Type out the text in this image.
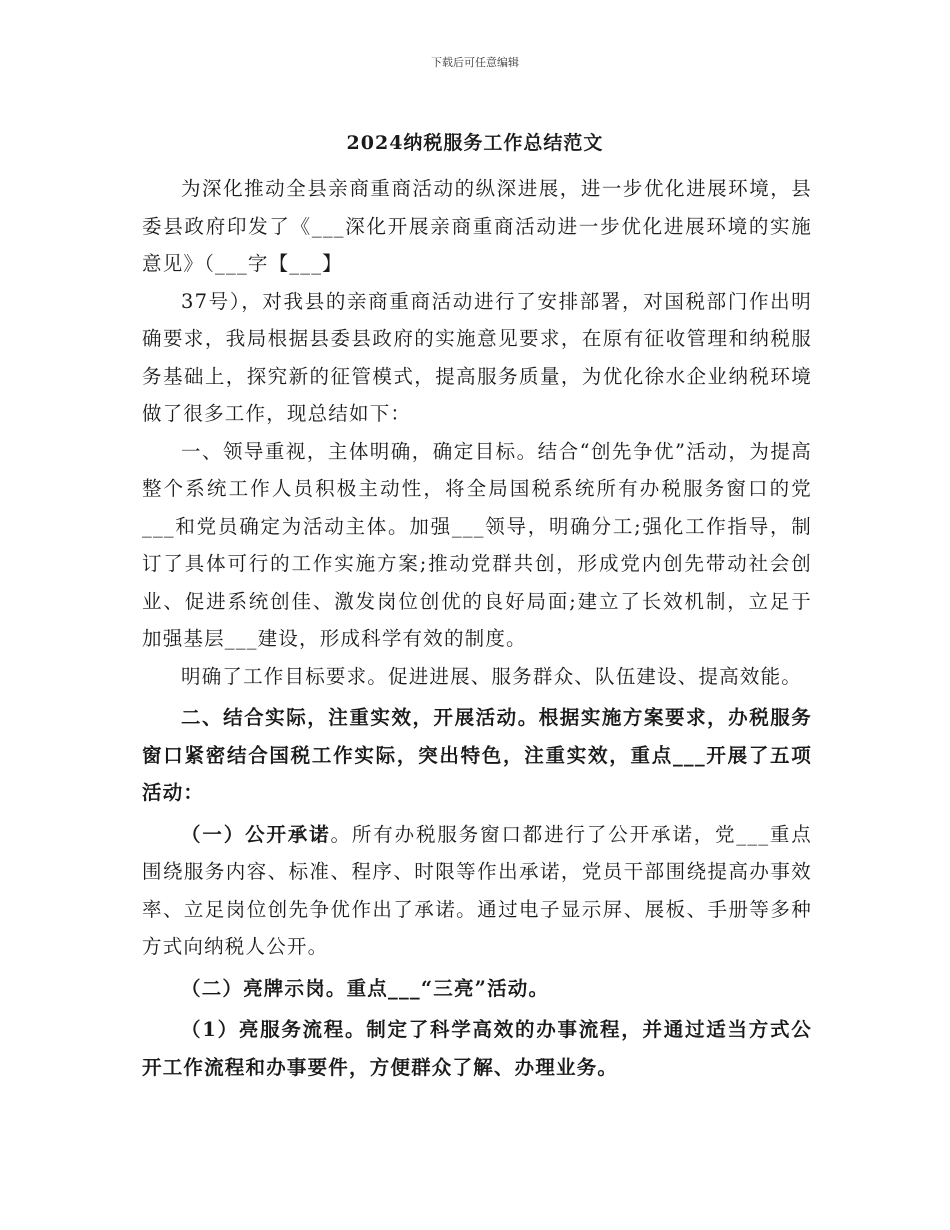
下载后可任意编辑
2024纳税服务工作总结范文

为深化推动全县亲商重商活动的纵深进展，进一步优化进展环境，县委县政府印发了《___深化开展亲商重商活动进一步优化进展环境的实施意见》（___字【___】

37号），对我县的亲商重商活动进行了安排部署，对国税部门作出明确要求，我局根据县委县政府的实施意见要求，在原有征收管理和纳税服务基础上，探究新的征管模式，提高服务质量，为优化徐水企业纳税环境做了很多工作，现总结如下：

一、领导重视，主体明确，确定目标。结合“创先争优”活动，为提高整个系统工作人员积极主动性，将全局国税系统所有办税服务窗口的党___和党员确定为活动主体。加强___领导，明确分工;强化工作指导，制订了具体可行的工作实施方案;推动党群共创，形成党内创先带动社会创业、促进系统创佳、激发岗位创优的良好局面;建立了长效机制，立足于加强基层___建设，形成科学有效的制度。

明确了工作目标要求。促进进展、服务群众、队伍建设、提高效能。

二、结合实际，注重实效，开展活动。根据实施方案要求，办税服务窗口紧密结合国税工作实际，突出特色，注重实效，重点___开展了五项活动：

（一）公开承诺。所有办税服务窗口都进行了公开承诺，党___重点围绕服务内容、标准、程序、时限等作出承诺，党员干部围绕提高办事效率、立足岗位创先争优作出了承诺。通过电子显示屏、展板、手册等多种方式向纳税人公开。

（二）亮牌示岗。重点___“三亮”活动。

（1）亮服务流程。制定了科学高效的办事流程，并通过适当方式公开工作流程和办事要件，方便群众了解、办理业务。
